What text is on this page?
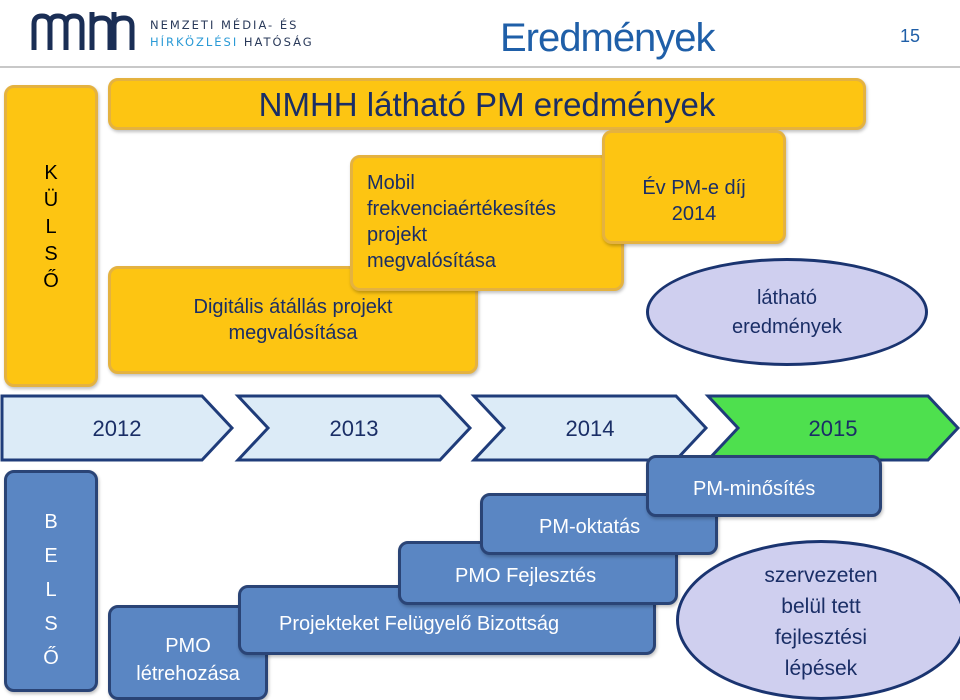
NEMZETI MÉDIA- ÉS
HÍRKÖZLÉSI HATÓSÁG	Eredmények	15
K
Ü
L
S
Ő
NMHH látható PM eredmények
Digitális átállás projekt
megvalósítása
Mobil
frekvenciaértékesítés
projekt
megvalósítása
Év PM-e díj
2014
látható
eredmények
2012	2013	2014	2015
B
E
L
S
Ő
PMO
létrehozása
Projekteket Felügyelő Bizottság
PMO Fejlesztés
PM-oktatás
PM-minősítés
szervezeten
belül tett
fejlesztési
lépések
